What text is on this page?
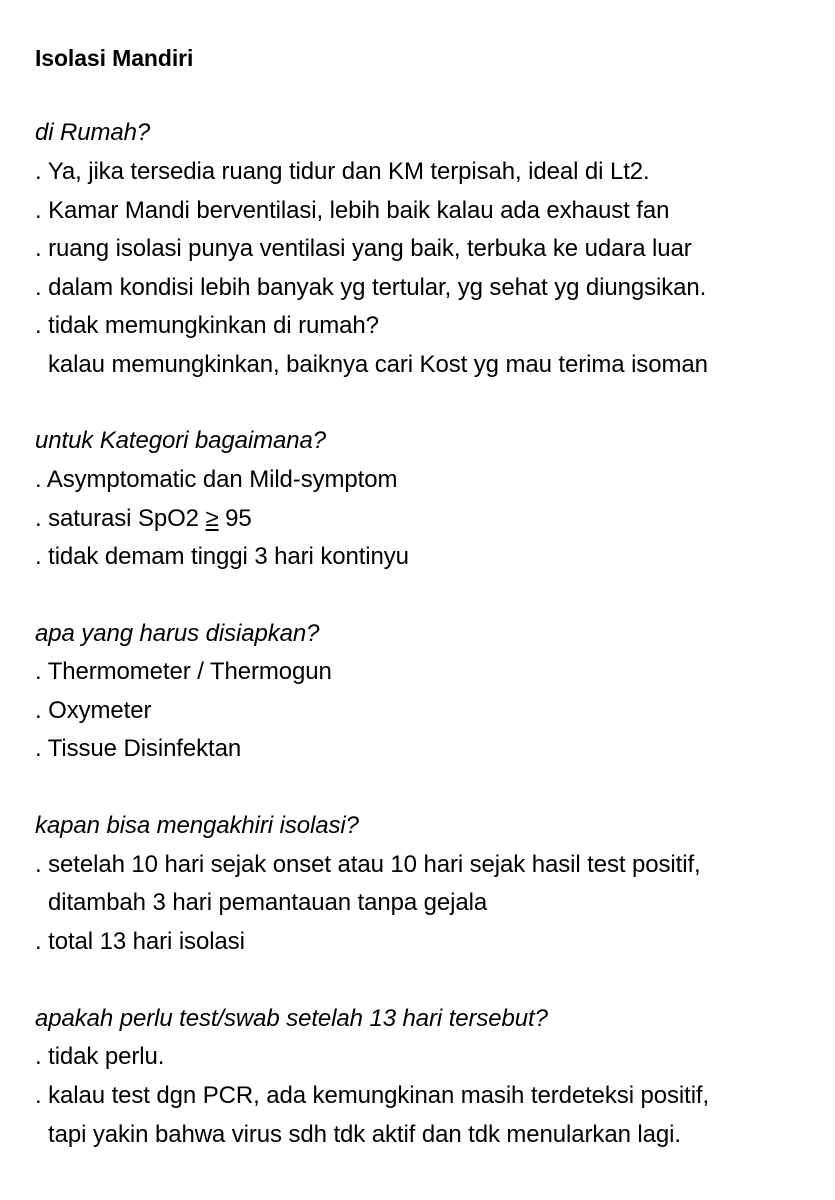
Isolasi Mandiri
di Rumah?
. Ya, jika tersedia ruang tidur dan KM terpisah, ideal di Lt2.
. Kamar Mandi berventilasi, lebih baik kalau ada exhaust fan
. ruang isolasi punya ventilasi yang baik, terbuka ke udara luar
. dalam kondisi lebih banyak yg tertular, yg sehat yg diungsikan.
. tidak memungkinkan di rumah?
kalau memungkinkan, baiknya cari Kost yg mau terima isoman
untuk Kategori bagaimana?
. Asymptomatic dan Mild-symptom
. saturasi SpO2 ≥ 95
. tidak demam tinggi 3 hari kontinyu
apa yang harus disiapkan?
. Thermometer / Thermogun
. Oxymeter
. Tissue Disinfektan
kapan bisa mengakhiri isolasi?
. setelah 10 hari sejak onset atau 10 hari sejak hasil test positif,
ditambah 3 hari pemantauan tanpa gejala
. total 13 hari isolasi
apakah perlu test/swab setelah 13 hari tersebut?
. tidak perlu.
. kalau test dgn PCR, ada kemungkinan masih terdeteksi positif,
tapi yakin bahwa virus sdh tdk aktif dan tdk menularkan lagi.
